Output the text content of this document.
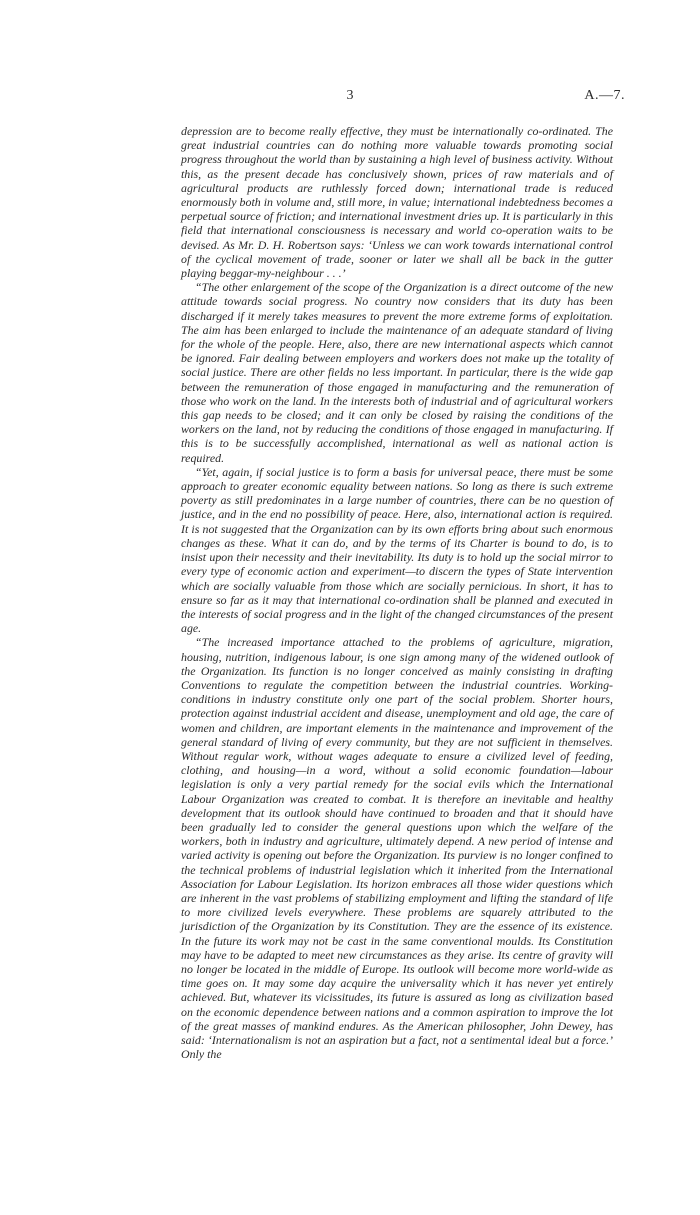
3	A.—7.

depression are to become really effective, they must be internationally co-ordinated. The great industrial countries can do nothing more valuable towards promoting social progress throughout the world than by sustaining a high level of business activity. Without this, as the present decade has conclusively shown, prices of raw materials and of agricultural products are ruthlessly forced down; international trade is reduced enormously both in volume and, still more, in value; international indebtedness becomes a perpetual source of friction; and international investment dries up. It is particularly in this field that international consciousness is necessary and world co-operation waits to be devised. As Mr. D. H. Robertson says: ‘Unless we can work towards international control of the cyclical movement of trade, sooner or later we shall all be back in the gutter playing beggar-my-neighbour . . .’

“The other enlargement of the scope of the Organization is a direct outcome of the new attitude towards social progress. No country now considers that its duty has been discharged if it merely takes measures to prevent the more extreme forms of exploitation. The aim has been enlarged to include the maintenance of an adequate standard of living for the whole of the people. Here, also, there are new international aspects which cannot be ignored. Fair dealing between employers and workers does not make up the totality of social justice. There are other fields no less important. In particular, there is the wide gap between the remuneration of those engaged in manufacturing and the remuneration of those who work on the land. In the interests both of industrial and of agricultural workers this gap needs to be closed; and it can only be closed by raising the conditions of the workers on the land, not by reducing the conditions of those engaged in manufacturing. If this is to be successfully accomplished, international as well as national action is required.

“Yet, again, if social justice is to form a basis for universal peace, there must be some approach to greater economic equality between nations. So long as there is such extreme poverty as still predominates in a large number of countries, there can be no question of justice, and in the end no possibility of peace. Here, also, international action is required. It is not suggested that the Organization can by its own efforts bring about such enormous changes as these. What it can do, and by the terms of its Charter is bound to do, is to insist upon their necessity and their inevitability. Its duty is to hold up the social mirror to every type of economic action and experiment—to discern the types of State intervention which are socially valuable from those which are socially pernicious. In short, it has to ensure so far as it may that international co-ordination shall be planned and executed in the interests of social progress and in the light of the changed circumstances of the present age.

“The increased importance attached to the problems of agriculture, migration, housing, nutrition, indigenous labour, is one sign among many of the widened outlook of the Organization. Its function is no longer conceived as mainly consisting in drafting Conventions to regulate the competition between the industrial countries. Working-conditions in industry constitute only one part of the social problem. Shorter hours, protection against industrial accident and disease, unemployment and old age, the care of women and children, are important elements in the maintenance and improvement of the general standard of living of every community, but they are not sufficient in themselves. Without regular work, without wages adequate to ensure a civilized level of feeding, clothing, and housing—in a word, without a solid economic foundation—labour legislation is only a very partial remedy for the social evils which the International Labour Organization was created to combat. It is therefore an inevitable and healthy development that its outlook should have continued to broaden and that it should have been gradually led to consider the general questions upon which the welfare of the workers, both in industry and agriculture, ultimately depend. A new period of intense and varied activity is opening out before the Organization. Its purview is no longer confined to the technical problems of industrial legislation which it inherited from the International Association for Labour Legislation. Its horizon embraces all those wider questions which are inherent in the vast problems of stabilizing employment and lifting the standard of life to more civilized levels everywhere. These problems are squarely attributed to the jurisdiction of the Organization by its Constitution. They are the essence of its existence. In the future its work may not be cast in the same conventional moulds. Its Constitution may have to be adapted to meet new circumstances as they arise. Its centre of gravity will no longer be located in the middle of Europe. Its outlook will become more world-wide as time goes on. It may some day acquire the universality which it has never yet entirely achieved. But, whatever its vicissitudes, its future is assured as long as civilization based on the economic dependence between nations and a common aspiration to improve the lot of the great masses of mankind endures. As the American philosopher, John Dewey, has said: ‘Internationalism is not an aspiration but a fact, not a sentimental ideal but a force.’ Only the
